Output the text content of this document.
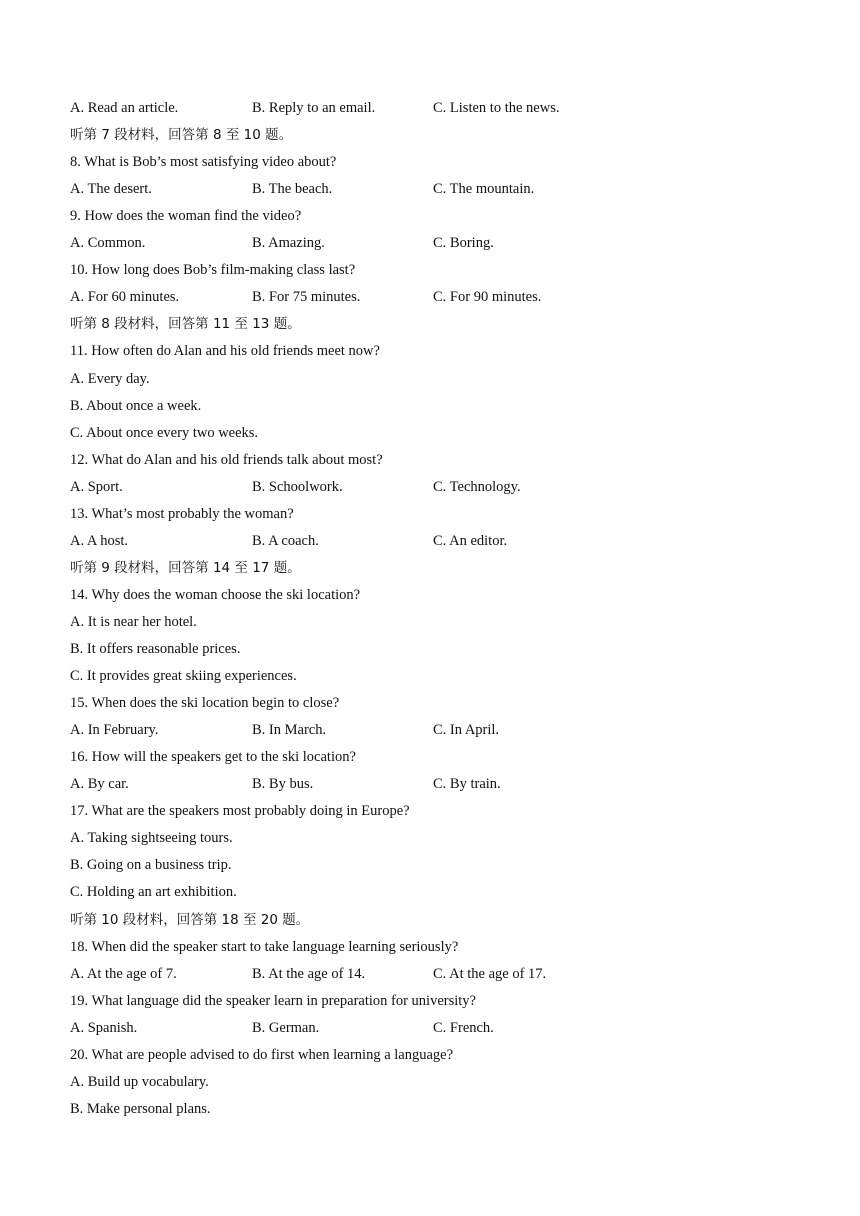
A. Read an article.	B. Reply to an email.	C. Listen to the news.
听第 7 段材料，回答第 8 至 10 题。
8. What is Bob’s most satisfying video about?
A. The desert.	B. The beach.	C. The mountain.
9. How does the woman find the video?
A. Common.	B. Amazing.	C. Boring.
10. How long does Bob’s film-making class last?
A. For 60 minutes.	B. For 75 minutes.	C. For 90 minutes.
听第 8 段材料，回答第 11 至 13 题。
11. How often do Alan and his old friends meet now?
A. Every day.
B. About once a week.
C. About once every two weeks.
12. What do Alan and his old friends talk about most?
A. Sport.	B. Schoolwork.	C. Technology.
13. What’s most probably the woman?
A. A host.	B. A coach.	C. An editor.
听第 9 段材料，回答第 14 至 17 题。
14. Why does the woman choose the ski location?
A. It is near her hotel.
B. It offers reasonable prices.
C. It provides great skiing experiences.
15. When does the ski location begin to close?
A. In February.	B. In March.	C. In April.
16. How will the speakers get to the ski location?
A. By car.	B. By bus.	C. By train.
17. What are the speakers most probably doing in Europe?
A. Taking sightseeing tours.
B. Going on a business trip.
C. Holding an art exhibition.
听第 10 段材料，回答第 18 至 20 题。
18. When did the speaker start to take language learning seriously?
A. At the age of 7.	B. At the age of 14.	C. At the age of 17.
19. What language did the speaker learn in preparation for university?
A. Spanish.	B. German.	C. French.
20. What are people advised to do first when learning a language?
A. Build up vocabulary.
B. Make personal plans.
